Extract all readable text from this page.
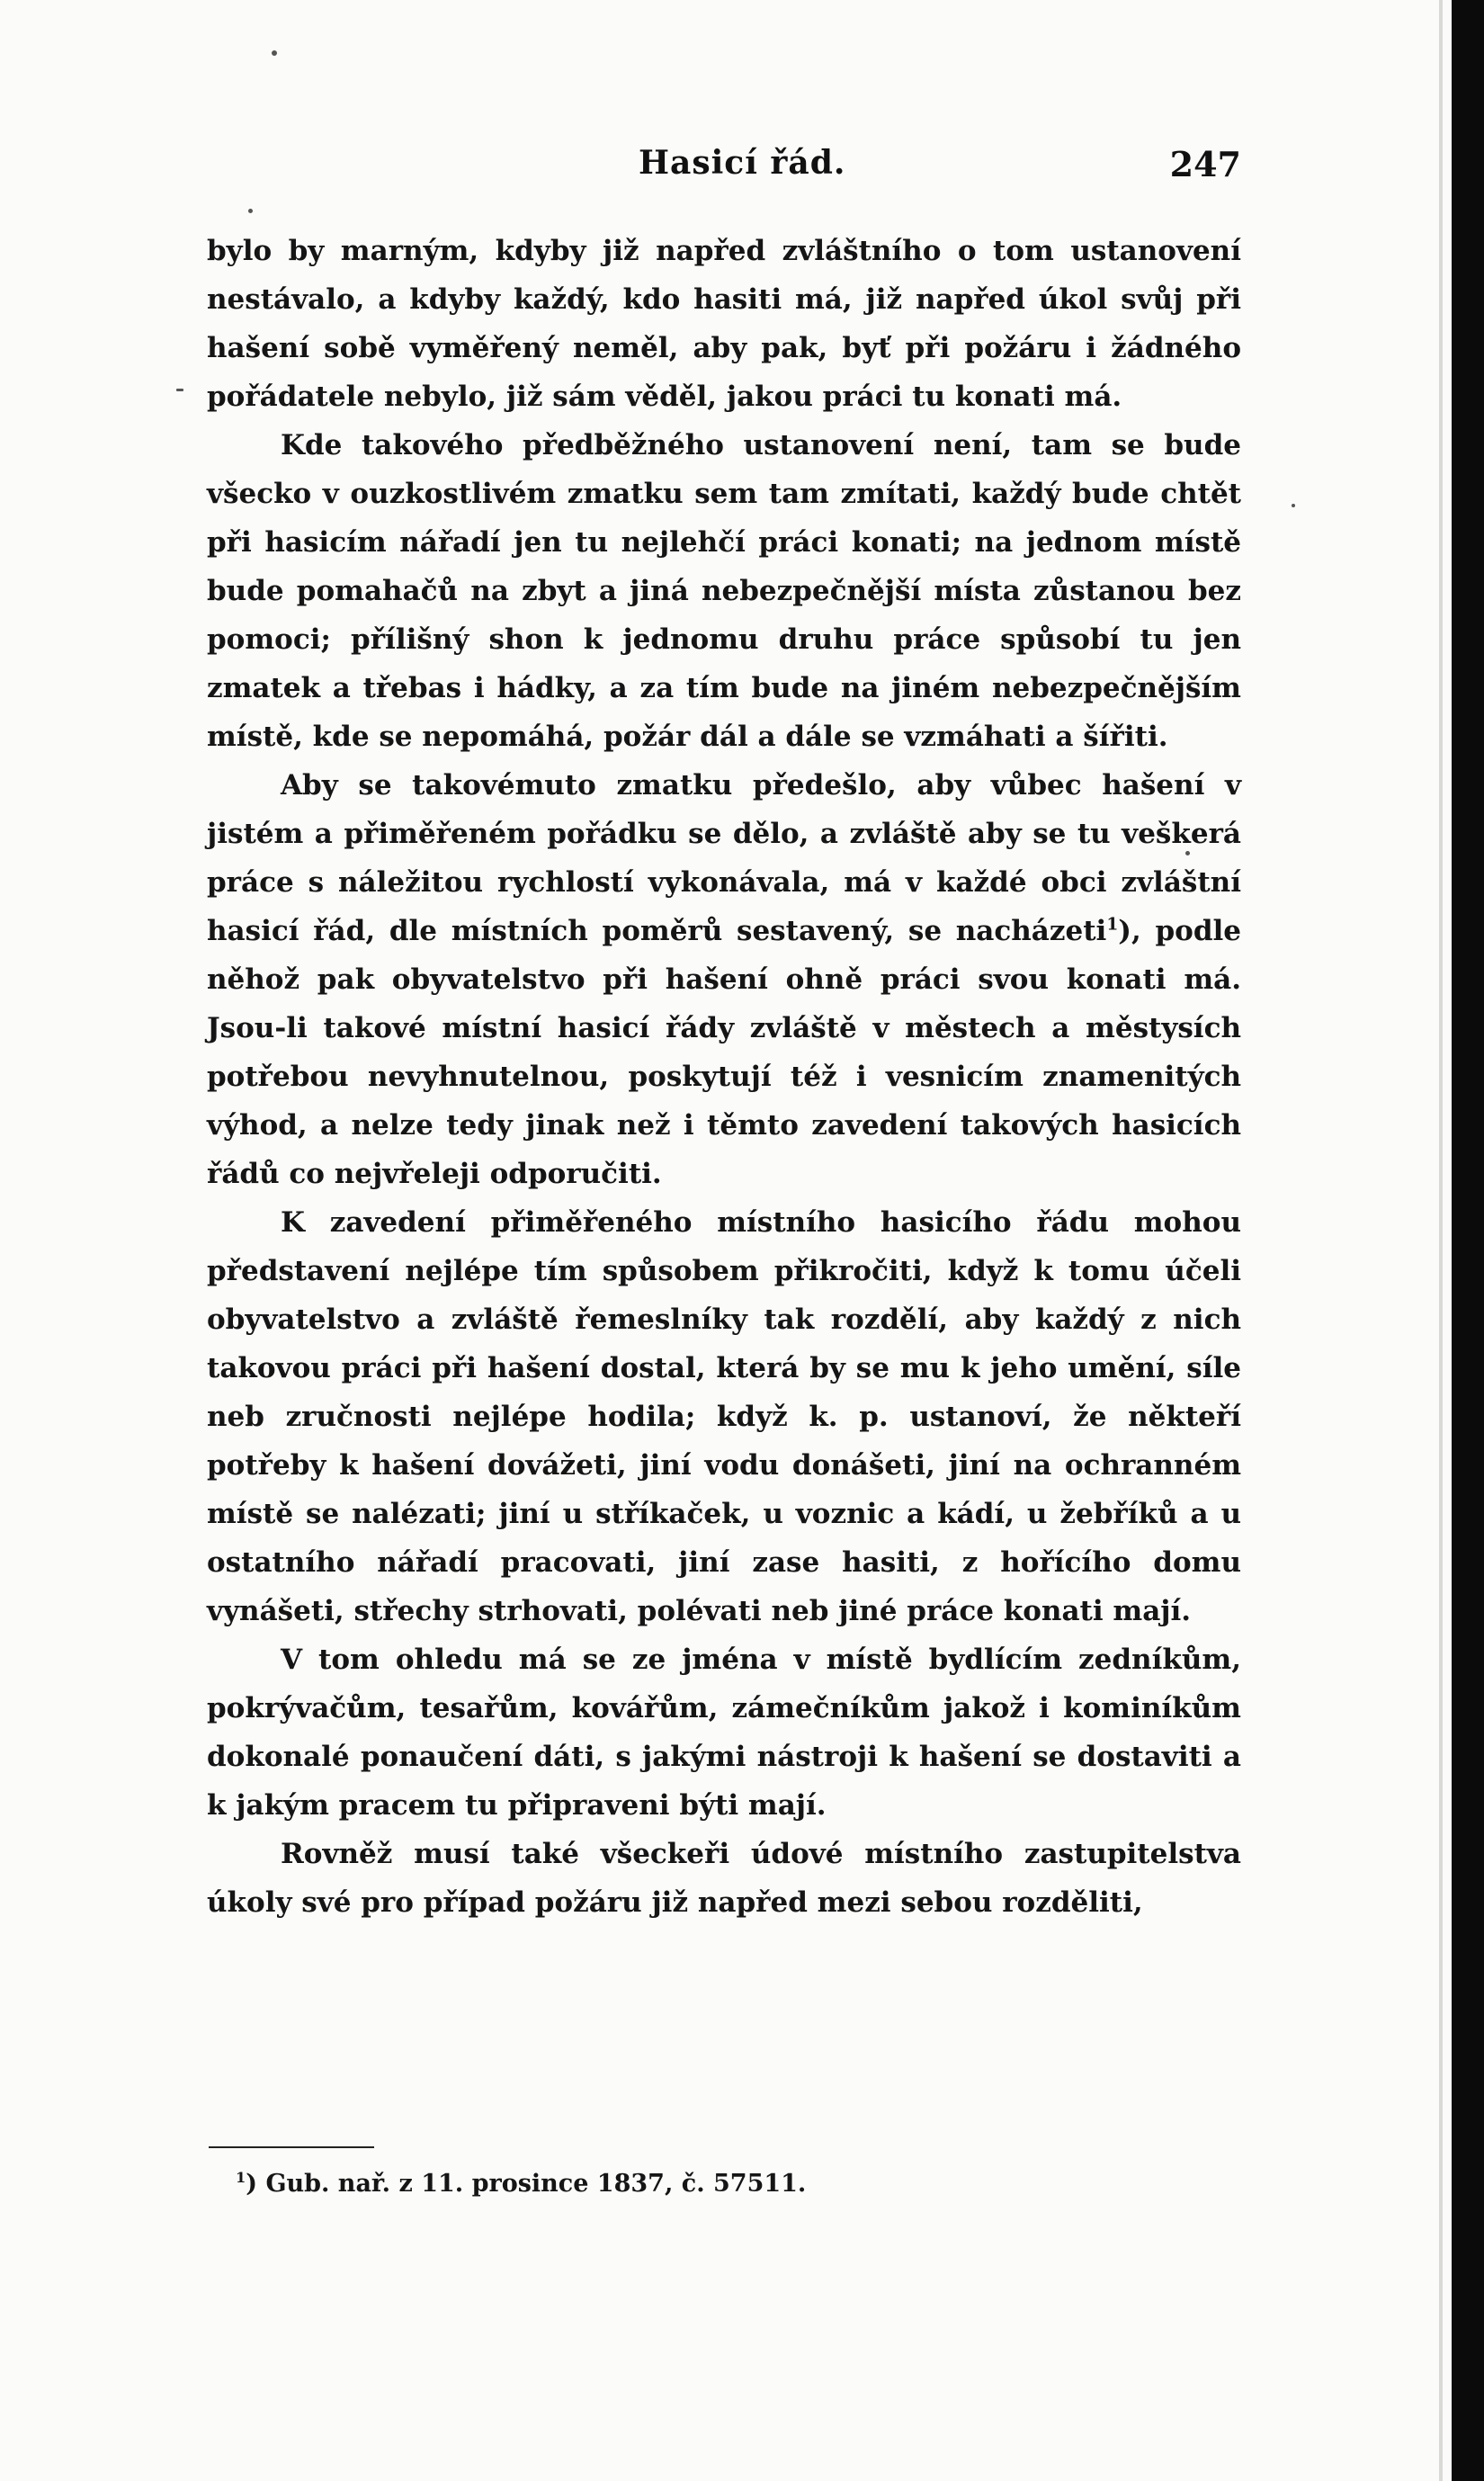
Hasicí řád.	247

bylo by marným, kdyby již napřed zvláštního o tom ustanovení nestávalo, a kdyby každý, kdo hasiti má, již napřed úkol svůj při hašení sobě vyměřený neměl, aby pak, byť při požáru i žádného pořádatele nebylo, již sám věděl, jakou práci tu konati má.

Kde takového předběžného ustanovení není, tam se bude všecko v ouzkostlivém zmatku sem tam zmítati, každý bude chtět při hasicím nářadí jen tu nejlehčí práci konati; na jednom místě bude pomahačů na zbyt a jiná nebezpečnější místa zůstanou bez pomoci; přílišný shon k jednomu druhu práce spůsobí tu jen zmatek a třebas i hádky, a za tím bude na jiném nebezpečnějším místě, kde se nepomáhá, požár dál a dále se vzmáhati a šířiti.

Aby se takovémuto zmatku předešlo, aby vůbec hašení v jistém a přiměřeném pořádku se dělo, a zvláště aby se tu veškerá práce s náležitou rychlostí vykonávala, má v každé obci zvláštní hasicí řád, dle místních poměrů sestavený, se nacházeti$^1$), podle něhož pak obyvatelstvo při hašení ohně práci svou konati má. Jsou-li takové místní hasicí řády zvláště v městech a městysích potřebou nevyhnutelnou, poskytují též i vesnicím znamenitých výhod, a nelze tedy jinak než i těmto zavedení takových hasicích řádů co nejvřeleji odporučiti.

K zavedení přiměřeného místního hasicího řádu mohou představení nejlépe tím spůsobem přikročiti, když k tomu účeli obyvatelstvo a zvláště řemeslníky tak rozdělí, aby každý z nich takovou práci při hašení dostal, která by se mu k jeho umění, síle neb zručnosti nejlépe hodila; když k. p. ustanoví, že někteří potřeby k hašení dovážeti, jiní vodu donášeti, jiní na ochranném místě se nalézati; jiní u stříkaček, u voznic a kádí, u žebříků a u ostatního nářadí pracovati, jiní zase hasiti, z hořícího domu vynášeti, střechy strhovati, polévati neb jiné práce konati mají.

V tom ohledu má se ze jména v místě bydlícím zedníkům, pokrývačům, tesařům, kovářům, zámečníkům jakož i kominíkům dokonalé ponaučení dáti, s jakými nástroji k hašení se dostaviti a k jakým pracem tu připraveni býti mají.

Rovněž musí také všeckeři údové místního zastupitelstva úkoly své pro případ požáru již napřed mezi sebou rozděliti,

$^1$) Gub. nař. z 11. prosince 1837, č. 57511.
